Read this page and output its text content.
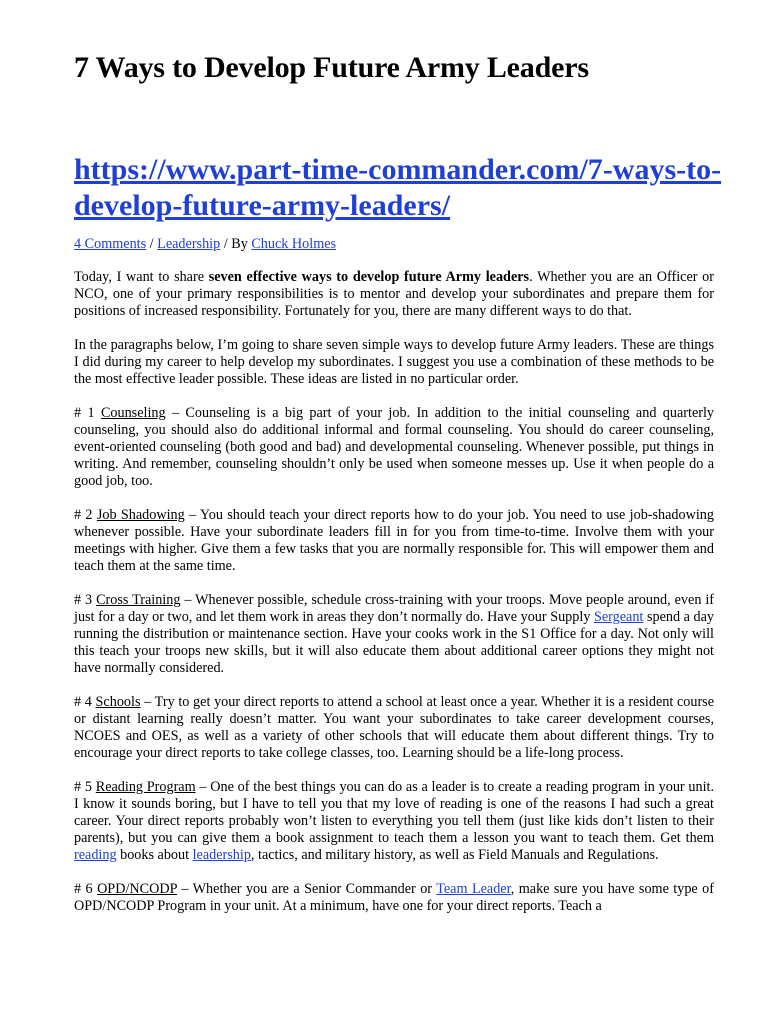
7 Ways to Develop Future Army Leaders
https://www.part-time-commander.com/7-ways-to-develop-future-army-leaders/
4 Comments / Leadership / By Chuck Holmes

Today, I want to share seven effective ways to develop future Army leaders. Whether you are an Officer or NCO, one of your primary responsibilities is to mentor and develop your subordinates and prepare them for positions of increased responsibility. Fortunately for you, there are many different ways to do that.

In the paragraphs below, I’m going to share seven simple ways to develop future Army leaders. These are things I did during my career to help develop my subordinates. I suggest you use a combination of these methods to be the most effective leader possible. These ideas are listed in no particular order.

# 1 Counseling – Counseling is a big part of your job. In addition to the initial counseling and quarterly counseling, you should also do additional informal and formal counseling. You should do career counseling, event-oriented counseling (both good and bad) and developmental counseling. Whenever possible, put things in writing. And remember, counseling shouldn’t only be used when someone messes up. Use it when people do a good job, too.

# 2 Job Shadowing – You should teach your direct reports how to do your job. You need to use job-shadowing whenever possible. Have your subordinate leaders fill in for you from time-to-time. Involve them with your meetings with higher. Give them a few tasks that you are normally responsible for. This will empower them and teach them at the same time.

# 3 Cross Training – Whenever possible, schedule cross-training with your troops. Move people around, even if just for a day or two, and let them work in areas they don’t normally do. Have your Supply Sergeant spend a day running the distribution or maintenance section. Have your cooks work in the S1 Office for a day. Not only will this teach your troops new skills, but it will also educate them about additional career options they might not have normally considered.

# 4 Schools – Try to get your direct reports to attend a school at least once a year. Whether it is a resident course or distant learning really doesn’t matter. You want your subordinates to take career development courses, NCOES and OES, as well as a variety of other schools that will educate them about different things. Try to encourage your direct reports to take college classes, too. Learning should be a life-long process.

# 5 Reading Program – One of the best things you can do as a leader is to create a reading program in your unit. I know it sounds boring, but I have to tell you that my love of reading is one of the reasons I had such a great career. Your direct reports probably won’t listen to everything you tell them (just like kids don’t listen to their parents), but you can give them a book assignment to teach them a lesson you want to teach them. Get them reading books about leadership, tactics, and military history, as well as Field Manuals and Regulations.

# 6 OPD/NCODP – Whether you are a Senior Commander or Team Leader, make sure you have some type of OPD/NCODP Program in your unit. At a minimum, have one for your direct reports. Teach a
